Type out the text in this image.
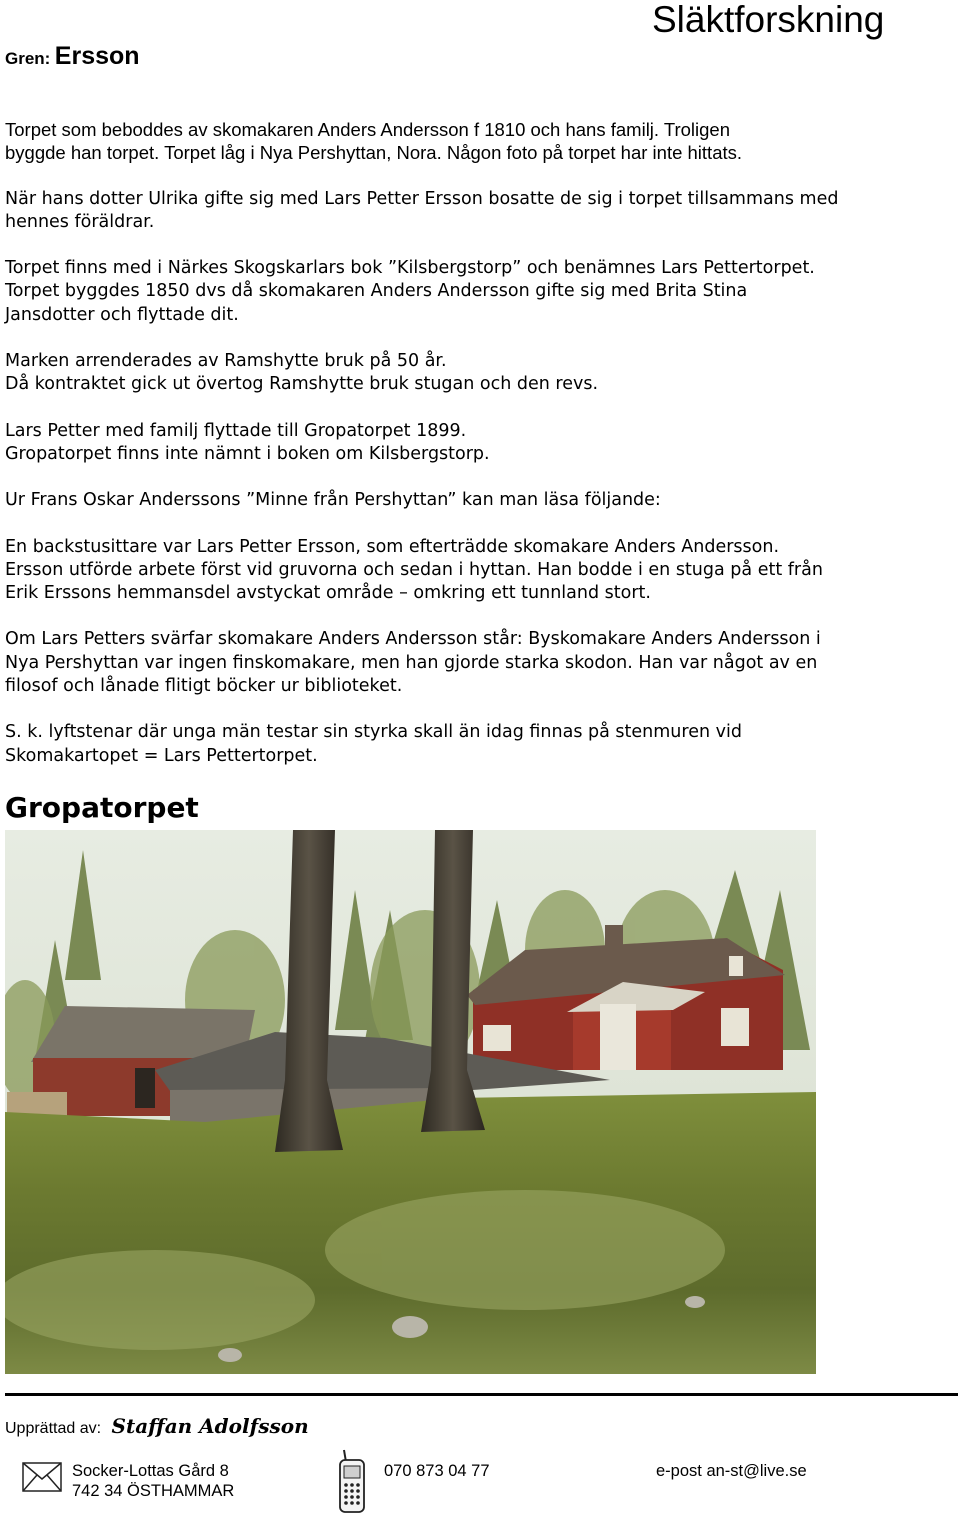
Släktforskning
Gren: Ersson

Torpet som beboddes av skomakaren Anders Andersson f 1810 och hans familj. Troligen
byggde han torpet. Torpet låg i Nya Pershyttan, Nora. Någon foto på torpet har inte hittats.

När hans dotter Ulrika gifte sig med Lars Petter Ersson bosatte de sig i torpet tillsammans med
hennes föräldrar.

Torpet finns med i Närkes Skogskarlars bok ”Kilsbergstorp” och benämnes Lars Pettertorpet.
Torpet byggdes 1850 dvs då skomakaren Anders Andersson gifte sig med Brita Stina
Jansdotter och flyttade dit.

Marken arrenderades av Ramshytte bruk på 50 år.
Då kontraktet gick ut övertog Ramshytte bruk stugan och den revs.

Lars Petter med familj flyttade till Gropatorpet 1899.
Gropatorpet finns inte nämnt i boken om Kilsbergstorp.

Ur Frans Oskar Anderssons ”Minne från Pershyttan” kan man läsa följande:

En backstusittare var Lars Petter Ersson, som efterträdde skomakare Anders Andersson.
Ersson utförde arbete först vid gruvorna och sedan i hyttan. Han bodde i en stuga på ett från
Erik Erssons hemmansdel avstyckat område – omkring ett tunnland stort.

Om Lars Petters svärfar skomakare Anders Andersson står: Byskomakare Anders Andersson i
Nya Pershyttan var ingen finskomakare, men han gjorde starka skodon. Han var något av en
filosof och lånade flitigt böcker ur biblioteket.

S. k. lyftstenar där unga män testar sin styrka skall än idag finnas på stenmuren vid
Skomakartopet = Lars Pettertorpet.

Gropatorpet
Upprättad av: Staffan Adolfsson
Socker-Lottas Gård 8
742 34 ÖSTHAMMAR
070 873 04 77	e-post an-st@live.se
